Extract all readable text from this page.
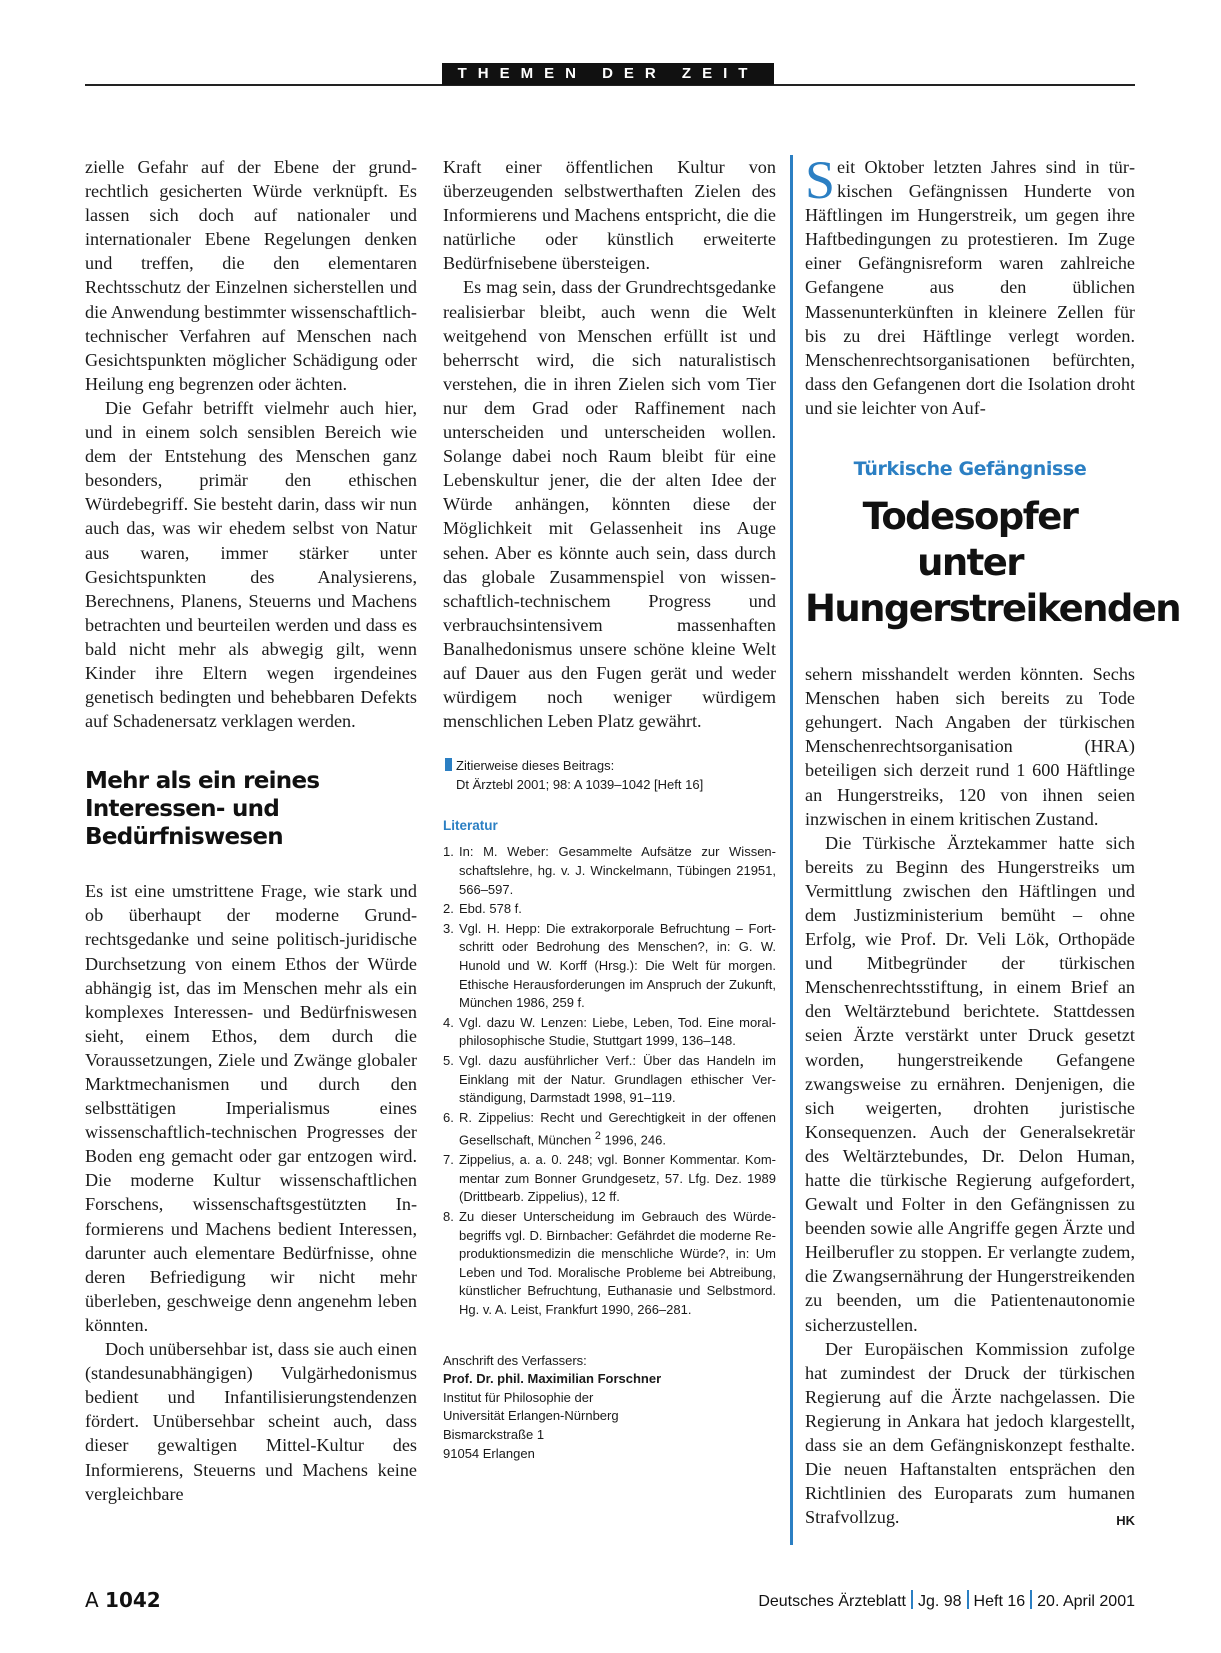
THEMEN DER ZEIT

zielle Gefahr auf der Ebene der grundrechtlich gesicherten Würde verknüpft. Es lassen sich doch auf nationaler und internationaler Ebene Regelungen denken und treffen, die den elementaren Rechtsschutz der Einzelnen sicherstellen und die Anwendung bestimmter wissenschaftlich-technischer Verfahren auf Menschen nach Gesichtspunkten möglicher Schädigung oder Heilung eng begrenzen oder ächten.

Die Gefahr betrifft vielmehr auch hier, und in einem solch sensiblen Bereich wie dem der Entstehung des Menschen ganz besonders, primär den ethischen Würdebegriff. Sie besteht darin, dass wir nun auch das, was wir ehedem selbst von Natur aus waren, immer stärker unter Gesichtspunkten des Analysierens, Berechnens, Planens, Steuerns und Machens betrachten und beurteilen werden und dass es bald nicht mehr als abwegig gilt, wenn Kinder ihre Eltern wegen irgendeines genetisch bedingten und behebbaren Defekts auf Schadenersatz verklagen werden.

Mehr als ein reines Interessen- und Bedürfniswesen

Es ist eine umstrittene Frage, wie stark und ob überhaupt der moderne Grundrechtsgedanke und seine politisch-juridische Durchsetzung von einem Ethos der Würde abhängig ist, das im Menschen mehr als ein komplexes Interessen- und Bedürfniswesen sieht, einem Ethos, dem durch die Voraussetzungen, Ziele und Zwänge globaler Marktmechanismen und durch den selbsttätigen Imperialismus eines wissenschaftlich-technischen Progresses der Boden eng gemacht oder gar entzogen wird. Die moderne Kultur wissenschaftlichen Forschens, wissenschaftsgestützten Informierens und Machens bedient Interessen, darunter auch elementare Bedürfnisse, ohne deren Befriedigung wir nicht mehr überleben, geschweige denn angenehm leben könnten.

Doch unübersehbar ist, dass sie auch einen (standesunabhängigen) Vulgärhedonismus bedient und Infantilisierungstendenzen fördert. Unübersehbar scheint auch, dass dieser gewaltigen Mittel-Kultur des Informierens, Steuerns und Machens keine vergleichbare

Kraft einer öffentlichen Kultur von überzeugenden selbstwerthaften Zielen des Informierens und Machens entspricht, die die natürliche oder künstlich erweiterte Bedürfnisebene übersteigen.

Es mag sein, dass der Grundrechtsgedanke realisierbar bleibt, auch wenn die Welt weitgehend von Menschen erfüllt ist und beherrscht wird, die sich naturalistisch verstehen, die in ihren Zielen sich vom Tier nur dem Grad oder Raffinement nach unterscheiden und unterscheiden wollen. Solange dabei noch Raum bleibt für eine Lebenskultur jener, die der alten Idee der Würde anhängen, könnten diese der Möglichkeit mit Gelassenheit ins Auge sehen. Aber es könnte auch sein, dass durch das globale Zusammenspiel von wissenschaftlich-technischem Progress und verbrauchsintensivem massenhaften Banalhedonismus unsere schöne kleine Welt auf Dauer aus den Fugen gerät und weder würdigem noch weniger würdigem menschlichen Leben Platz gewährt.

Zitierweise dieses Beitrags:
Dt Ärztebl 2001; 98: A 1039–1042 [Heft 16]
Literatur
1. In: M. Weber: Gesammelte Aufsätze zur Wissenschaftslehre, hg. v. J. Winckelmann, Tübingen 21951, 566–597.
2. Ebd. 578 f.
3. Vgl. H. Hepp: Die extrakorporale Befruchtung – Fortschritt oder Bedrohung des Menschen?, in: G. W. Hunold und W. Korff (Hrsg.): Die Welt für morgen. Ethische Herausforderungen im Anspruch der Zukunft, München 1986, 259 f.
4. Vgl. dazu W. Lenzen: Liebe, Leben, Tod. Eine moralphilosophische Studie, Stuttgart 1999, 136–148.
5. Vgl. dazu ausführlicher Verf.: Über das Handeln im Einklang mit der Natur. Grundlagen ethischer Verständigung, Darmstadt 1998, 91–119.
6. R. Zippelius: Recht und Gerechtigkeit in der offenen Gesellschaft, München $^2$ 1996, 246.
7. Zippelius, a. a. 0. 248; vgl. Bonner Kommentar. Kommentar zum Bonner Grundgesetz, 57. Lfg. Dez. 1989 (Drittbearb. Zippelius), 12 ff.
8. Zu dieser Unterscheidung im Gebrauch des Würdebegriffs vgl. D. Birnbacher: Gefährdet die moderne Reproduktionsmedizin die menschliche Würde?, in: Um Leben und Tod. Moralische Probleme bei Abtreibung, künstlicher Befruchtung, Euthanasie und Selbstmord. Hg. v. A. Leist, Frankfurt 1990, 266–281.
Anschrift des Verfassers:
Prof. Dr. phil. Maximilian Forschner
Institut für Philosophie der
Universität Erlangen-Nürnberg
Bismarckstraße 1
91054 Erlangen

Seit Oktober letzten Jahres sind in türkischen Gefängnissen Hunderte von Häftlingen im Hungerstreik, um gegen ihre Haftbedingungen zu protestieren. Im Zuge einer Gefängnisreform waren zahlreiche Gefangene aus den üblichen Massenunterkünften in kleinere Zellen für bis zu drei Häftlinge verlegt worden. Menschenrechtsorganisationen befürchten, dass den Gefangenen dort die Isolation droht und sie leichter von Auf-

Türkische Gefängnisse
Todesopfer unter Hungerstreikenden

sehern misshandelt werden könnten. Sechs Menschen haben sich bereits zu Tode gehungert. Nach Angaben der türkischen Menschenrechtsorganisation (HRA) beteiligen sich derzeit rund 1 600 Häftlinge an Hungerstreiks, 120 von ihnen seien inzwischen in einem kritischen Zustand.

Die Türkische Ärztekammer hatte sich bereits zu Beginn des Hungerstreiks um Vermittlung zwischen den Häftlingen und dem Justizministerium bemüht – ohne Erfolg, wie Prof. Dr. Veli Lök, Orthopäde und Mitbegründer der türkischen Menschenrechtsstiftung, in einem Brief an den Weltärztebund berichtete. Stattdessen seien Ärzte verstärkt unter Druck gesetzt worden, hungerstreikende Gefangene zwangsweise zu ernähren. Denjenigen, die sich weigerten, drohten juristische Konsequenzen. Auch der Generalsekretär des Weltärztebundes, Dr. Delon Human, hatte die türkische Regierung aufgefordert, Gewalt und Folter in den Gefängnissen zu beenden sowie alle Angriffe gegen Ärzte und Heilberufler zu stoppen. Er verlangte zudem, die Zwangsernährung der Hungerstreikenden zu beenden, um die Patientenautonomie sicherzustellen.

Der Europäischen Kommission zufolge hat zumindest der Druck der türkischen Regierung auf die Ärzte nachgelassen. Die Regierung in Ankara hat jedoch klargestellt, dass sie an dem Gefängniskonzept festhalte. Die neuen Haftanstalten entsprächen den Richtlinien des Europarats zum humanen Strafvollzug.	HK

A 1042	Deutsches Ärzteblatt Jg. 98 Heft 16 20. April 2001
